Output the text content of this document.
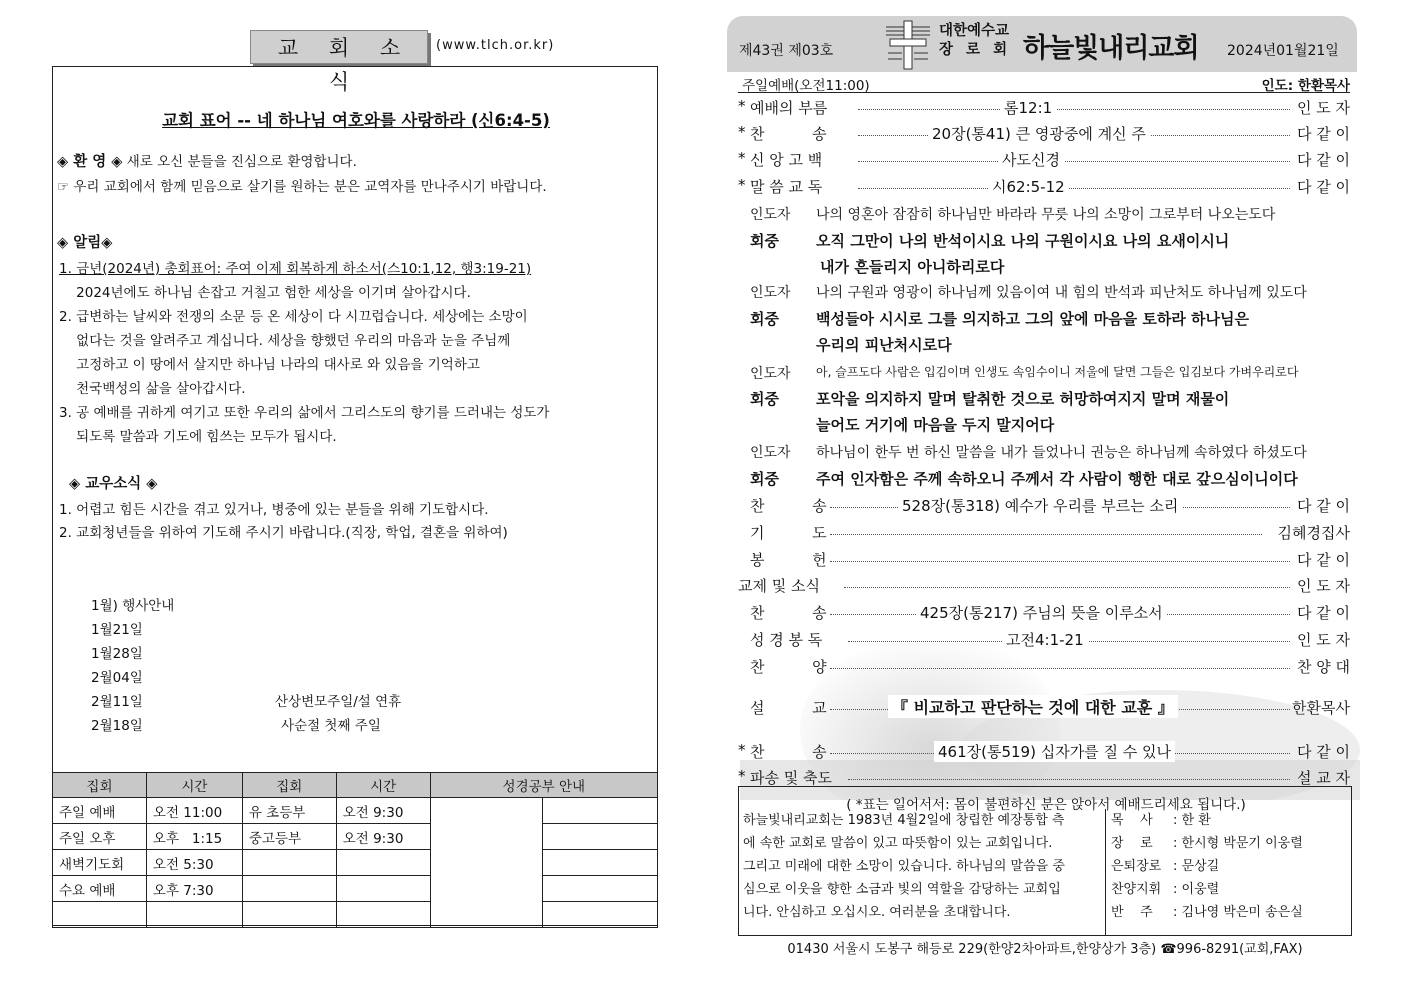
교 회 소 식
(www.tlch.or.kr)
교회 표어 -- 네 하나님 여호와를 사랑하라 (신6:4-5)
◈ 환 영 ◈ 새로 오신 분들을 진심으로 환영합니다.
☞ 우리 교회에서 함께 믿음으로 살기를 원하는 분은 교역자를 만나주시기 바랍니다.
◈ 알림◈
1. 금년(2024년) 총회표어: 주여 이제 회복하게 하소서(스10:1,12, 행3:19-21)
2024년에도 하나님 손잡고 거칠고 험한 세상을 이기며 살아갑시다.
2. 급변하는 날씨와 전쟁의 소문 등 온 세상이 다 시끄럽습니다. 세상에는 소망이
없다는 것을 알려주고 계십니다. 세상을 향했던 우리의 마음과 눈을 주님께
고정하고 이 땅에서 살지만 하나님 나라의 대사로 와 있음을 기억하고
천국백성의 삶을 살아갑시다.
3. 공 예배를 귀하게 여기고 또한 우리의 삶에서 그리스도의 향기를 드러내는 성도가
되도록 말씀과 기도에 힘쓰는 모두가 됩시다.
◈ 교우소식 ◈
1. 어렵고 힘든 시간을 겪고 있거나, 병중에 있는 분들을 위해 기도합시다.
2. 교회청년들을 위하여 기도해 주시기 바랍니다.(직장, 학업, 결혼을 위하여)
1월) 행사안내
1월21일
1월28일
2월04일
2월11일	산상변모주일/설 연휴
2월18일	사순절 첫째 주일
집회	시간	집회	시간	성경공부 안내	
주일 예배	오전 11:00	유 초등부	오전 9:30		
주일 오후	오후   1:15	중고등부	오전 9:30		
새벽기도회	오전 5:30				
수요 예배	오후 7:30				

제43권 제03호
대한예수교
장 로 회 하늘빛내리교회 2024년01월21일
주일예배(오전11:00)	인도: 한환목사
* 예배의 부름	롬12:1	인 도 자
* 찬          송	20장(통41) 큰 영광중에 계신 주	다 같 이
* 신 앙 고 백	사도신경	다 같 이
* 말 씀 교 독	시62:5-12	다 같 이
인도자	나의 영혼아 잠잠히 하나님만 바라라 무릇 나의 소망이 그로부터 나오는도다
회중	오직 그만이 나의 반석이시요 나의 구원이시요 나의 요새이시니
내가 흔들리지 아니하리로다
인도자	나의 구원과 영광이 하나님께 있음이여 내 힘의 반석과 피난처도 하나님께 있도다
회중	백성들아 시시로 그를 의지하고 그의 앞에 마음을 토하라 하나님은
우리의 피난처시로다
인도자	아, 슬프도다 사람은 입김이며 인생도 속임수이니 저울에 달면 그들은 입김보다 가벼우리로다
회중	포악을 의지하지 말며 탈취한 것으로 허망하여지지 말며 재물이
늘어도 거기에 마음을 두지 말지어다
인도자	하나님이 한두 번 하신 말씀을 내가 들었나니 권능은 하나님께 속하였다 하셨도다
회중	주여 인자함은 주께 속하오니 주께서 각 사람이 행한 대로 갚으심이니이다
찬          송	528장(통318) 예수가 우리를 부르는 소리	다 같 이
기          도	김혜경집사
봉          헌	다 같 이
교제 및 소식	인 도 자
찬          송	425장(통217) 주님의 뜻을 이루소서	다 같 이
성 경 봉 독	고전4:1-21	인 도 자
찬          양	찬 양 대
설          교	『 비교하고 판단하는 것에 대한 교훈 』	한환목사
* 찬          송	461장(통519) 십자가를 질 수 있나	다 같 이
* 파송 및 축도	설 교 자
( *표는 일어서서: 몸이 불편하신 분은 앉아서 예배드리세요 됩니다.)
하늘빛내리교회는 1983년 4월2일에 창립한 예장통합 측
에 속한 교회로 말씀이 있고 따뜻함이 있는 교회입니다.
그리고 미래에 대한 소망이 있습니다. 하나님의 말씀을 중
심으로 이웃을 향한 소금과 빛의 역할을 감당하는 교회입
니다. 안심하고 오십시오. 여러분을 초대합니다.
목    사 : 한 환
장    로 : 한시형 박문기 이웅렬
은퇴장로 : 문상길
찬양지휘 : 이웅렬
반    주 : 김나영 박은미 송은실
01430 서울시 도봉구 해등로 229(한양2차아파트,한양상가 3층) ☎996-8291(교회,FAX)
